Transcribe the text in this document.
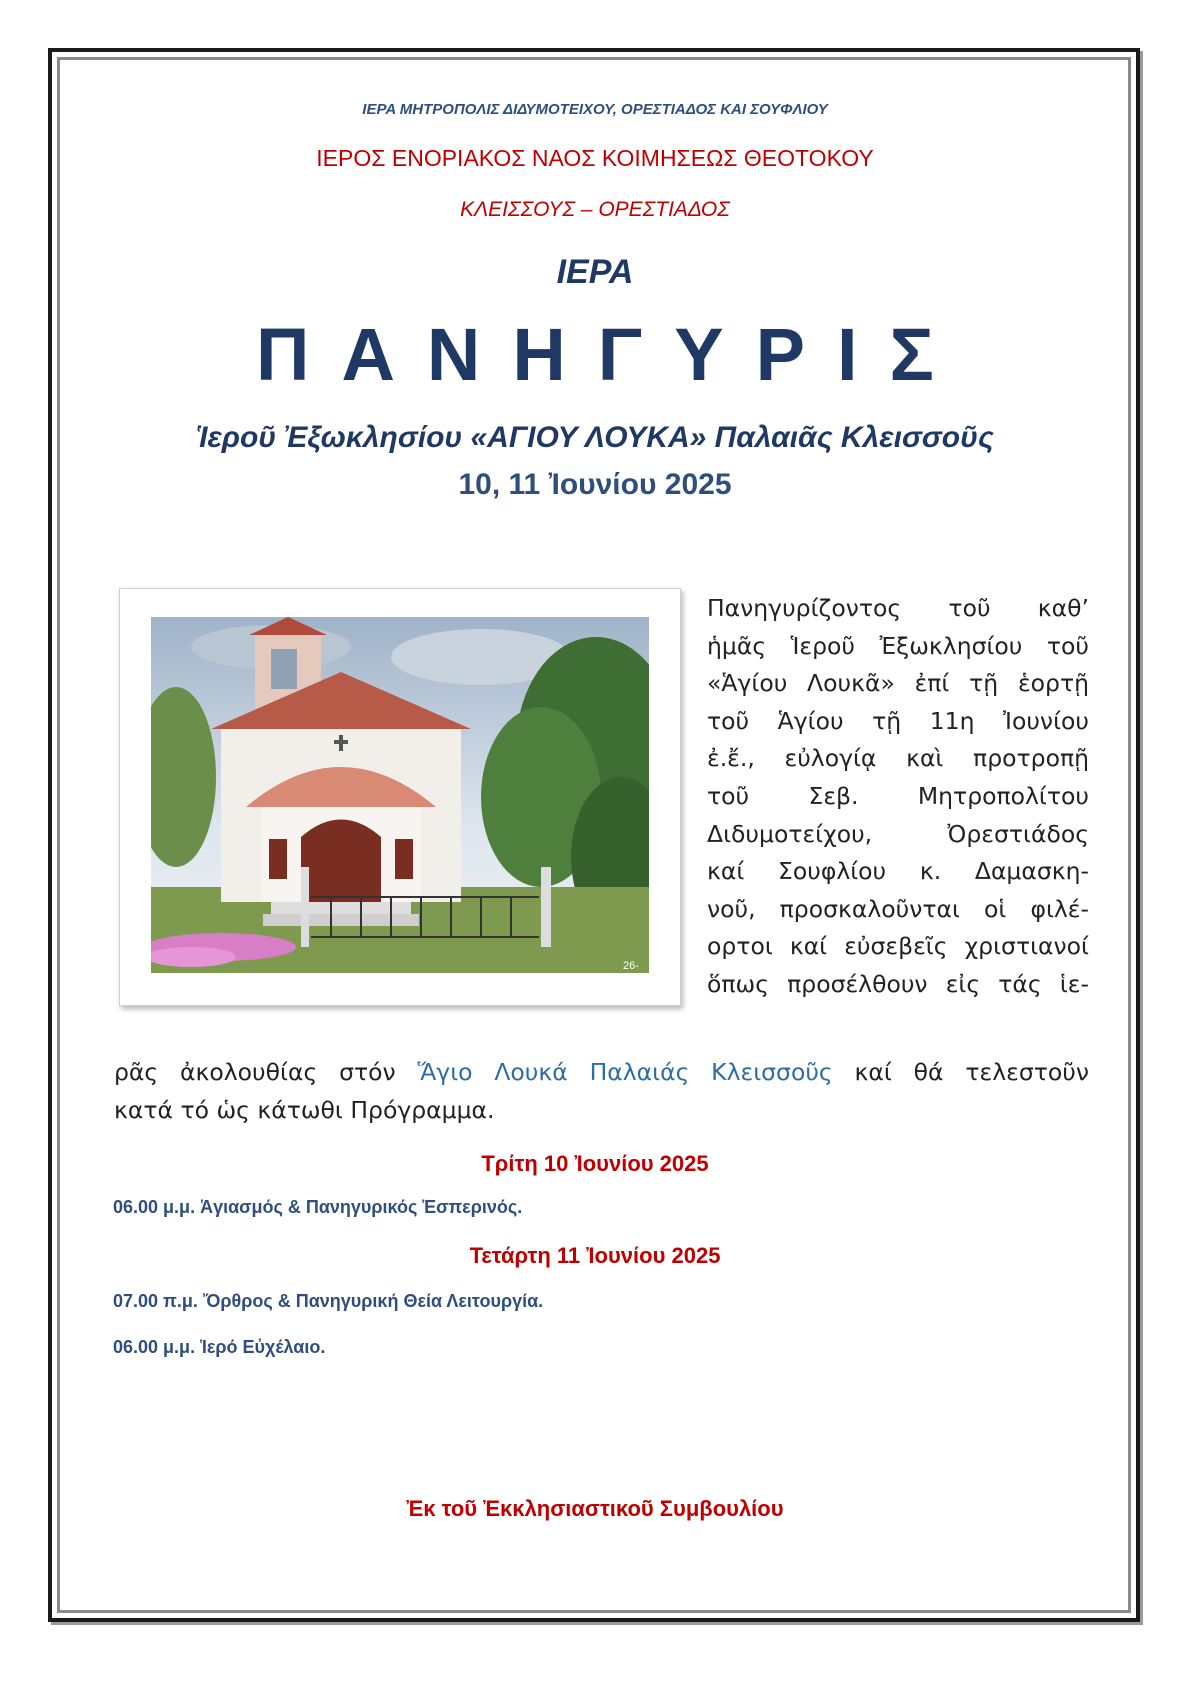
ΙΕΡΑ ΜΗΤΡΟΠΟΛΙΣ ΔΙΔΥΜΟΤΕΙΧΟΥ, ΟΡΕΣΤΙΑΔΟΣ ΚΑΙ ΣΟΥΦΛΙΟΥ
ΙΕΡΟΣ ΕΝΟΡΙΑΚΟΣ ΝΑΟΣ ΚΟΙΜΗΣΕΩΣ ΘΕΟΤΟΚΟΥ
ΚΛΕΙΣΣΟΥΣ – ΟΡΕΣΤΙΑΔΟΣ
ΙΕΡΑ
ΠΑΝΗΓΥΡΙΣ
Ἱεροῦ Ἐξωκλησίου «ΑΓΙΟΥ ΛΟΥΚΑ» Παλαιᾶς Κλεισσοῦς
10, 11 Ἰουνίου 2025
26-
Πανηγυρίζοντος τοῦ καθ’
ἡμᾶς Ἱεροῦ Ἐξωκλησίου τοῦ
«Ἁγίου Λουκᾶ» ἐπί τῇ ἑορτῇ
τοῦ Ἁγίου τῇ 11η Ἰουνίου
ἐ.ἔ., εὐλογίᾳ καὶ προτροπῇ
τοῦ Σεβ. Μητροπολίτου
Διδυμοτείχου, Ὀρεστιάδος
καί Σουφλίου κ. Δαμασκη-
νοῦ, προσκαλοῦνται οἱ φιλέ-
ορτοι καί εὐσεβεῖς χριστιανοί
ὅπως προσέλθουν εἰς τάς ἱε-
ρᾶς ἀκολουθίας στόν Ἅγιο Λουκά Παλαιάς Κλεισσοῦς καί θά τελεστοῦν
κατά τό ὡς κάτωθι Πρόγραμμα.
Τρίτη 10 Ἰουνίου 2025
06.00 μ.μ. Ἁγιασμός & Πανηγυρικός Ἑσπερινός.
Τετάρτη 11 Ἰουνίου 2025
07.00 π.μ. Ὄρθρος & Πανηγυρική Θεία Λειτουργία.
06.00 μ.μ. Ἱερό Εὐχέλαιο.
Ἐκ τοῦ Ἐκκλησιαστικοῦ Συμβουλίου
